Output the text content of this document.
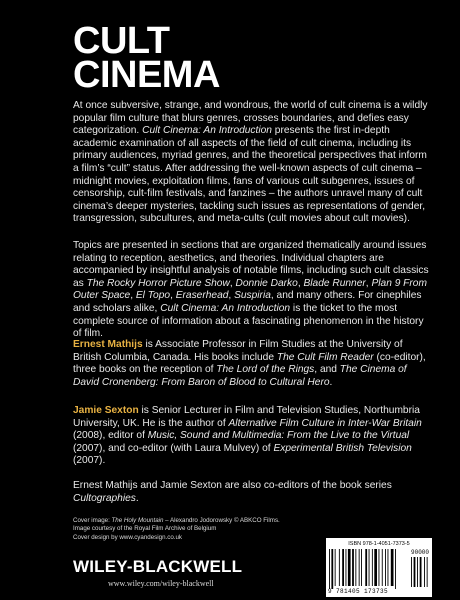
CULT
CINEMA

At once subversive, strange, and wondrous, the world of cult cinema is a wildly popular film culture that blurs genres, crosses boundaries, and defies easy categorization. Cult Cinema: An Introduction presents the first in-depth academic examination of all aspects of the field of cult cinema, including its primary audiences, myriad genres, and the theoretical perspectives that inform a film’s “cult” status. After addressing the well-known aspects of cult cinema – midnight movies, exploitation films, fans of various cult subgenres, issues of censorship, cult-film festivals, and fanzines – the authors unravel many of cult cinema’s deeper mysteries, tackling such issues as representations of gender, transgression, subcultures, and meta-cults (cult movies about cult movies).

Topics are presented in sections that are organized thematically around issues relating to reception, aesthetics, and theories. Individual chapters are accompanied by insightful analysis of notable films, including such cult classics as The Rocky Horror Picture Show, Donnie Darko, Blade Runner, Plan 9 From Outer Space, El Topo, Eraserhead, Suspiria, and many others. For cinephiles and scholars alike, Cult Cinema: An Introduction is the ticket to the most complete source of information about a fascinating phenomenon in the history of film.

Ernest Mathijs is Associate Professor in Film Studies at the University of British Columbia, Canada. His books include The Cult Film Reader (co-editor), three books on the reception of The Lord of the Rings, and The Cinema of David Cronenberg: From Baron of Blood to Cultural Hero.

Jamie Sexton is Senior Lecturer in Film and Television Studies, Northumbria University, UK. He is the author of Alternative Film Culture in Inter-War Britain (2008), editor of Music, Sound and Multimedia: From the Live to the Virtual (2007), and co-editor (with Laura Mulvey) of Experimental British Television (2007).

Ernest Mathijs and Jamie Sexton are also co-editors of the book series Cultographies.

Cover image: The Holy Mountain – Alexandro Jodorowsky © ABKCO Films.
Image courtesy of the Royal Film Archive of Belgium

Cover design by www.cyandesign.co.uk

WILEY-BLACKWELL
www.wiley.com/wiley-blackwell
ISBN 978-1-4051-7373-5
9 781405 173735
90000
